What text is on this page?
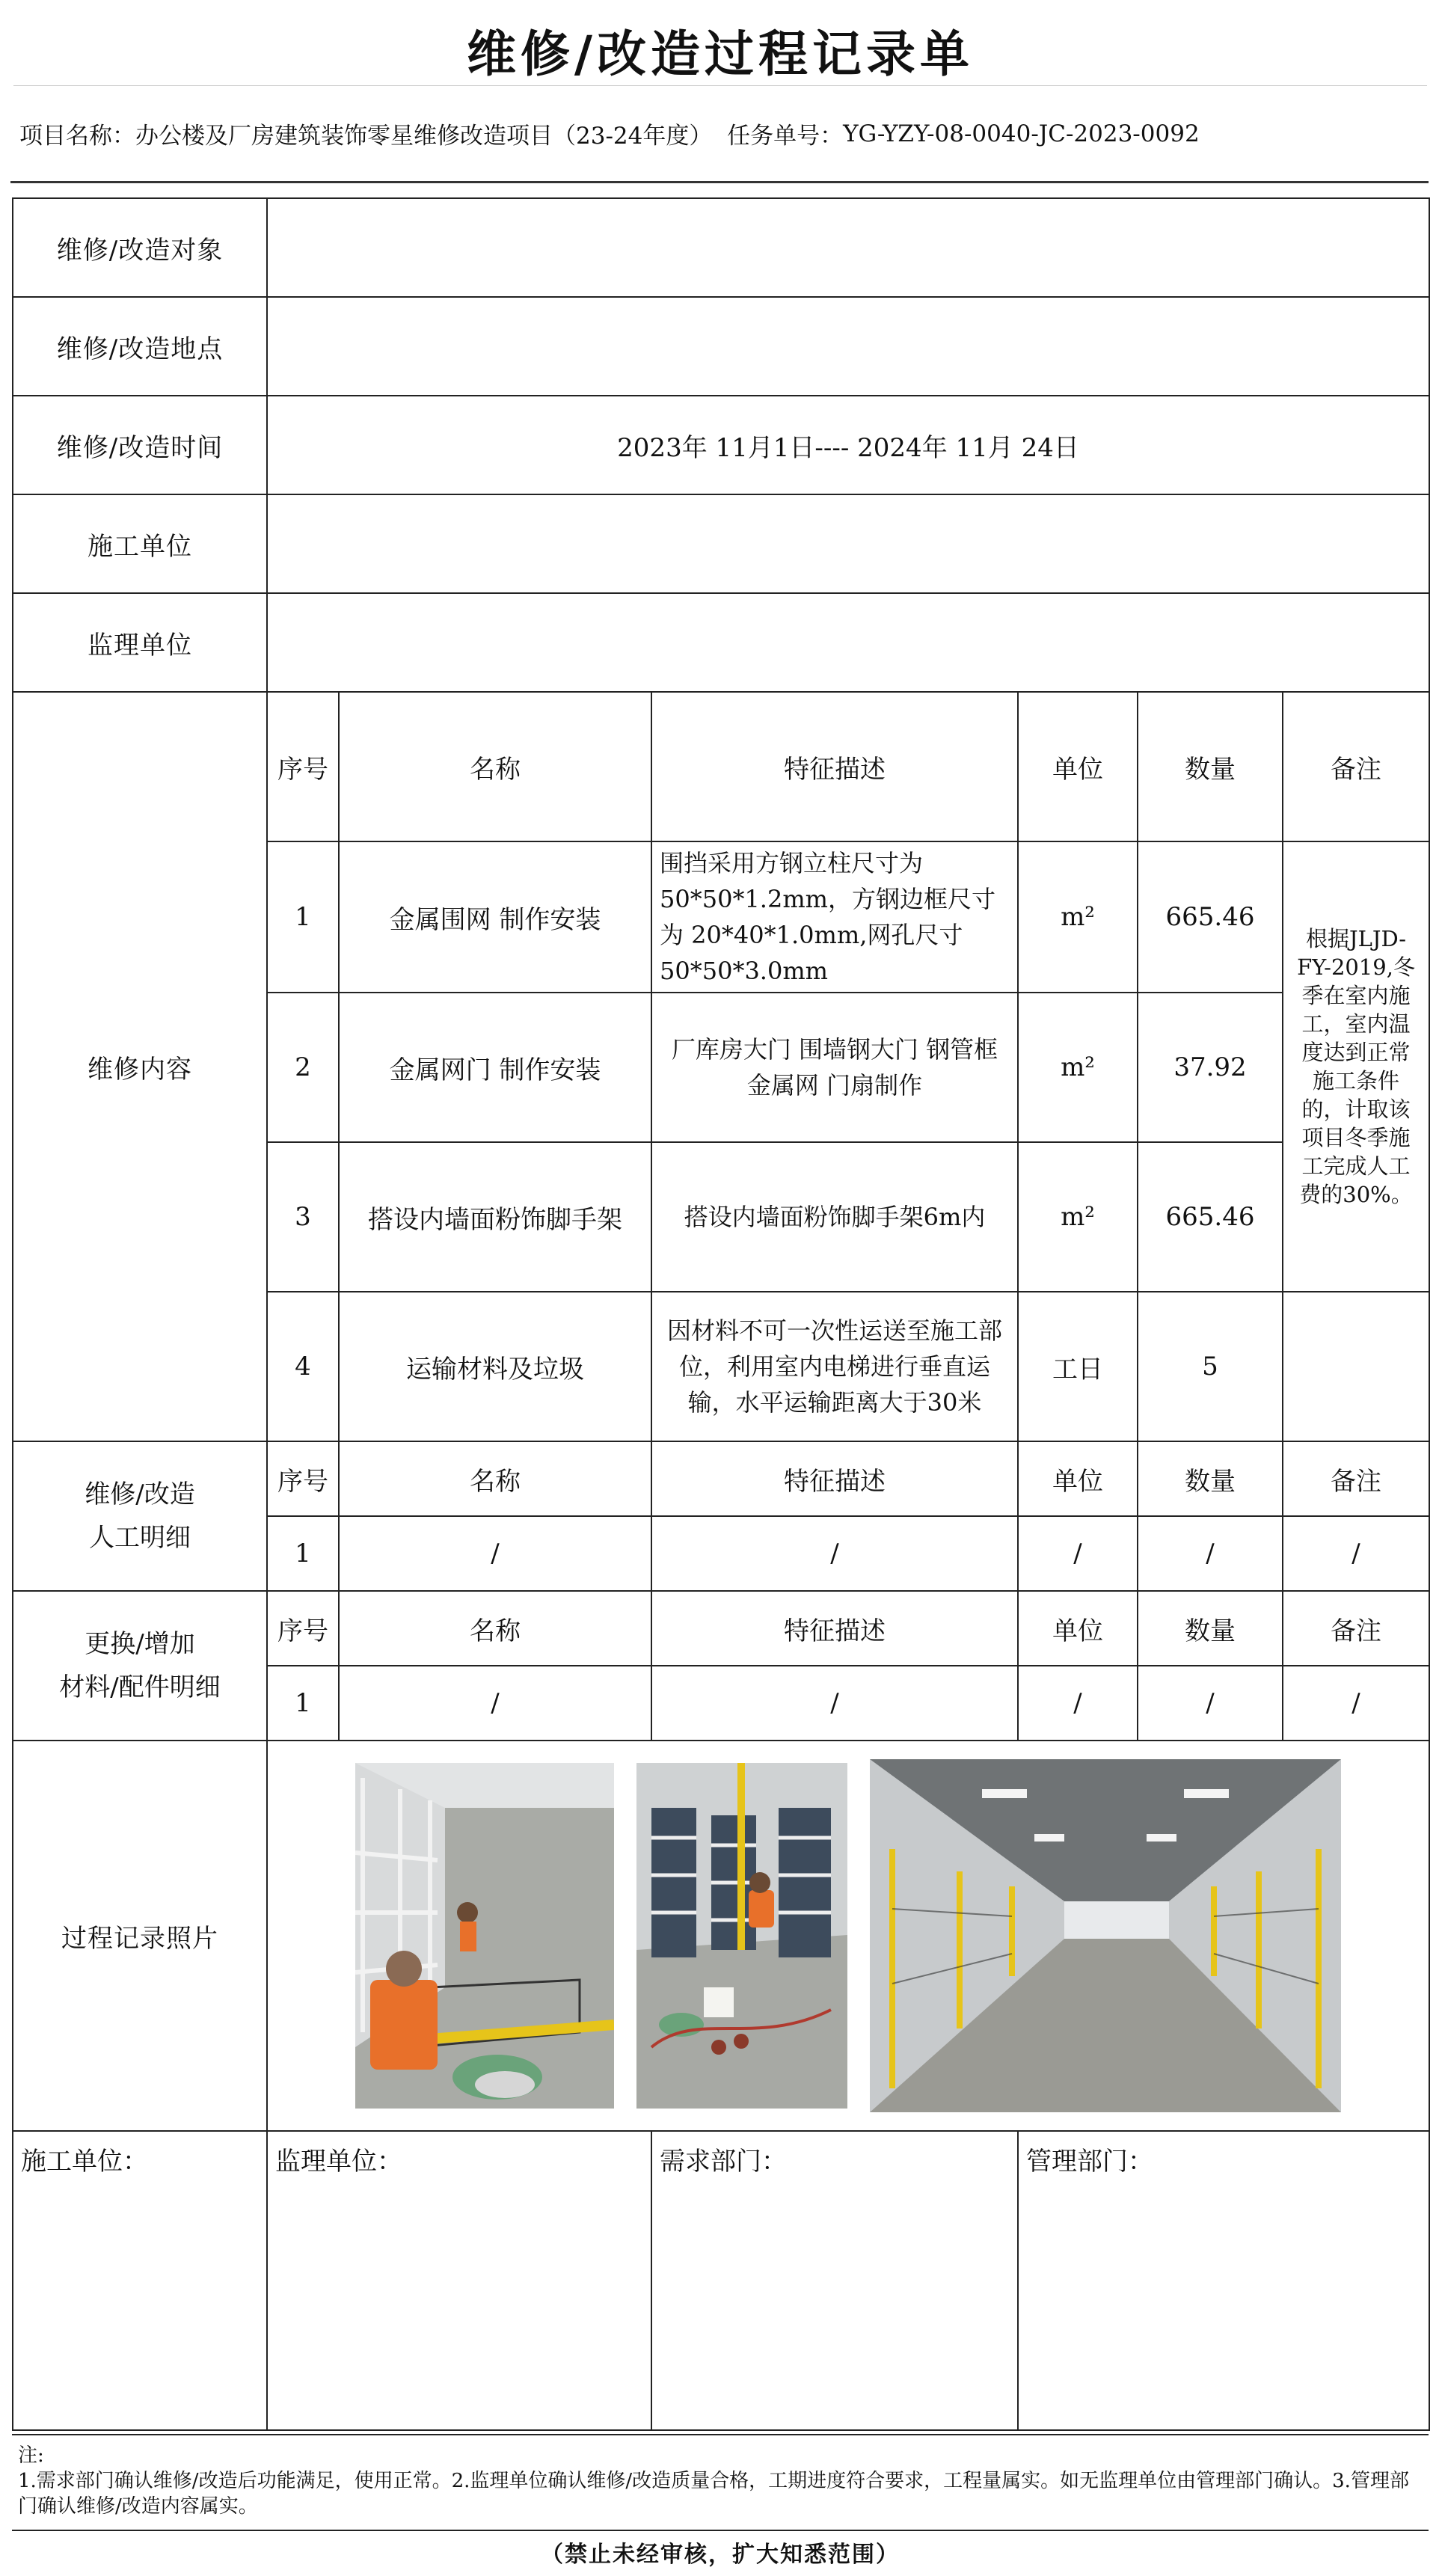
维修/改造过程记录单
项目名称： 办公楼及厂房建筑装饰零星维修改造项目（23-24年度）
任务单号： YG-YZY-08-0040-JC-2023-0092
维修/改造对象						
维修/改造地点						
维修/改造时间	2023年 11月1日---- 2024年 11月 24日					
施工单位						
监理单位						
维修内容	序号	名称	特征描述	单位	数量	备注
	1	金属围网 制作安装	围挡采用方钢立柱尺寸为50*50*1.2mm，方钢边框尺寸为 20*40*1.0mm,网孔尺寸50*50*3.0mm	m²	665.46	根据JLJD-FY-2019,冬季在室内施工，室内温度达到正常施工条件的，计取该项目冬季施工完成人工费的30%。
	2	金属网门 制作安装	厂库房大门 围墙钢大门 钢管框金属网 门扇制作	m²	37.92	
	3	搭设内墙面粉饰脚手架	搭设内墙面粉饰脚手架6m内	m²	665.46	
	4	运输材料及垃圾	因材料不可一次性运送至施工部位，利用室内电梯进行垂直运输，水平运输距离大于30米	工日	5	

维修/改造
人工明细	序号	名称	特征描述	单位	数量	备注
	1	/	/	/	/	/

更换/增加
材料/配件明细	序号	名称	特征描述	单位	数量	备注
	1	/	/	/	/	/
过程记录照片	

施工单位：	监理单位：		需求部门：	管理部门：		
注:
1.需求部门确认维修/改造后功能满足，使用正常。2.监理单位确认维修/改造质量合格，工期进度符合要求，工程量属实。如无监理单位由管理部门确认。3.管理部门确认维修/改造内容属实。
（禁止未经审核，扩大知悉范围）
